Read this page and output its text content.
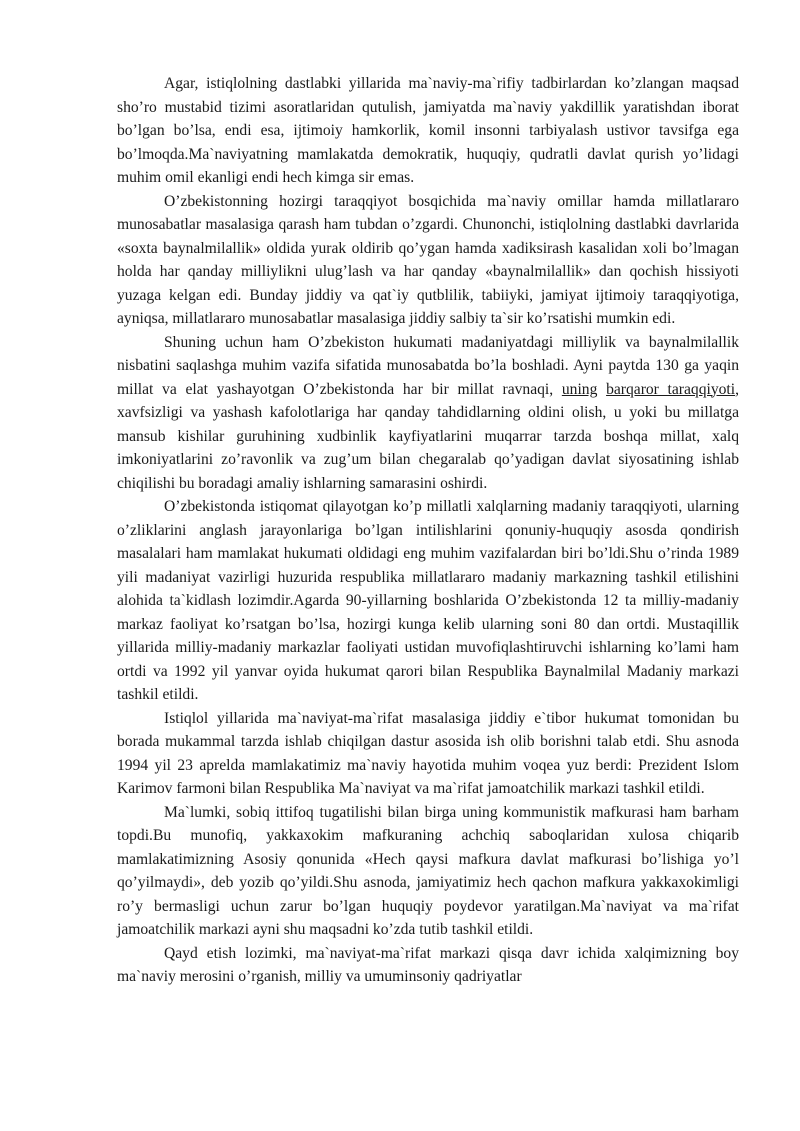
Agar, istiqlolning dastlabki yillarida ma`naviy-ma`rifiy tadbirlardan ko’zlangan maqsad sho’ro mustabid tizimi asoratlaridan qutulish, jamiyatda ma`naviy yakdillik yaratishdan iborat bo’lgan bo’lsa, endi esa, ijtimoiy hamkorlik, komil insonni tarbiyalash ustivor tavsifga ega bo’lmoqda.Ma`naviyatning mamlakatda demokratik, huquqiy, qudratli davlat qurish yo’lidagi muhim omil ekanligi endi hech kimga sir emas.

O’zbekistonning hozirgi taraqqiyot bosqichida ma`naviy omillar hamda millatlararo munosabatlar masalasiga qarash ham tubdan o’zgardi. Chunonchi, istiqlolning dastlabki davrlarida «soxta baynalmilallik» oldida yurak oldirib qo’ygan hamda xadiksirash kasalidan xoli bo’lmagan holda har qanday milliylikni ulug’lash va har qanday «baynalmilallik» dan qochish hissiyoti yuzaga kelgan edi. Bunday jiddiy va qat`iy qutblilik, tabiiyki, jamiyat ijtimoiy taraqqiyotiga, ayniqsa, millatlararo munosabatlar masalasiga jiddiy salbiy ta`sir ko’rsatishi mumkin edi.

Shuning uchun ham O’zbekiston hukumati madaniyatdagi milliylik va baynalmilallik nisbatini saqlashga muhim vazifa sifatida munosabatda bo’la boshladi. Ayni paytda 130 ga yaqin millat va elat yashayotgan O’zbekistonda har bir millat ravnaqi, uning barqaror taraqqiyoti, xavfsizligi va yashash kafolotlariga har qanday tahdidlarning oldini olish, u yoki bu millatga mansub kishilar guruhining xudbinlik kayfiyatlarini muqarrar tarzda boshqa millat, xalq imkoniyatlarini zo’ravonlik va zug’um bilan chegaralab qo’yadigan davlat siyosatining ishlab chiqilishi bu boradagi amaliy ishlarning samarasini oshirdi.

O’zbekistonda istiqomat qilayotgan ko’p millatli xalqlarning madaniy taraqqiyoti, ularning o’zliklarini anglash jarayonlariga bo’lgan intilishlarini qonuniy-huquqiy asosda qondirish masalalari ham mamlakat hukumati oldidagi eng muhim vazifalardan biri bo’ldi.Shu o’rinda 1989 yili madaniyat vazirligi huzurida respublika millatlararo madaniy markazning tashkil etilishini alohida ta`kidlash lozimdir.Agarda 90-yillarning boshlarida O’zbekistonda 12 ta milliy-madaniy markaz faoliyat ko’rsatgan bo’lsa, hozirgi kunga kelib ularning soni 80 dan ortdi. Mustaqillik yillarida milliy-madaniy markazlar faoliyati ustidan muvofiqlashtiruvchi ishlarning ko’lami ham ortdi va 1992 yil yanvar oyida hukumat qarori bilan Respublika Baynalmilal Madaniy markazi tashkil etildi.

Istiqlol yillarida ma`naviyat-ma`rifat masalasiga jiddiy e`tibor hukumat tomonidan bu borada mukammal tarzda ishlab chiqilgan dastur asosida ish olib borishni talab etdi. Shu asnoda 1994 yil 23 aprelda mamlakatimiz ma`naviy hayotida muhim voqea yuz berdi: Prezident Islom Karimov farmoni bilan Respublika Ma`naviyat va ma`rifat jamoatchilik markazi tashkil etildi.

Ma`lumki, sobiq ittifoq tugatilishi bilan birga uning kommunistik mafkurasi ham barham topdi.Bu munofiq, yakkaxokim mafkuraning achchiq saboqlaridan xulosa chiqarib mamlakatimizning Asosiy qonunida «Hech qaysi mafkura davlat mafkurasi bo’lishiga yo’l qo’yilmaydi», deb yozib qo’yildi.Shu asnoda, jamiyatimiz hech qachon mafkura yakkaxokimligi ro’y bermasligi uchun zarur bo’lgan huquqiy poydevor yaratilgan.Ma`naviyat va ma`rifat jamoatchilik markazi ayni shu maqsadni ko’zda tutib tashkil etildi.

Qayd etish lozimki, ma`naviyat-ma`rifat markazi qisqa davr ichida xalqimizning boy ma`naviy merosini o’rganish, milliy va umuminsoniy qadriyatlar
